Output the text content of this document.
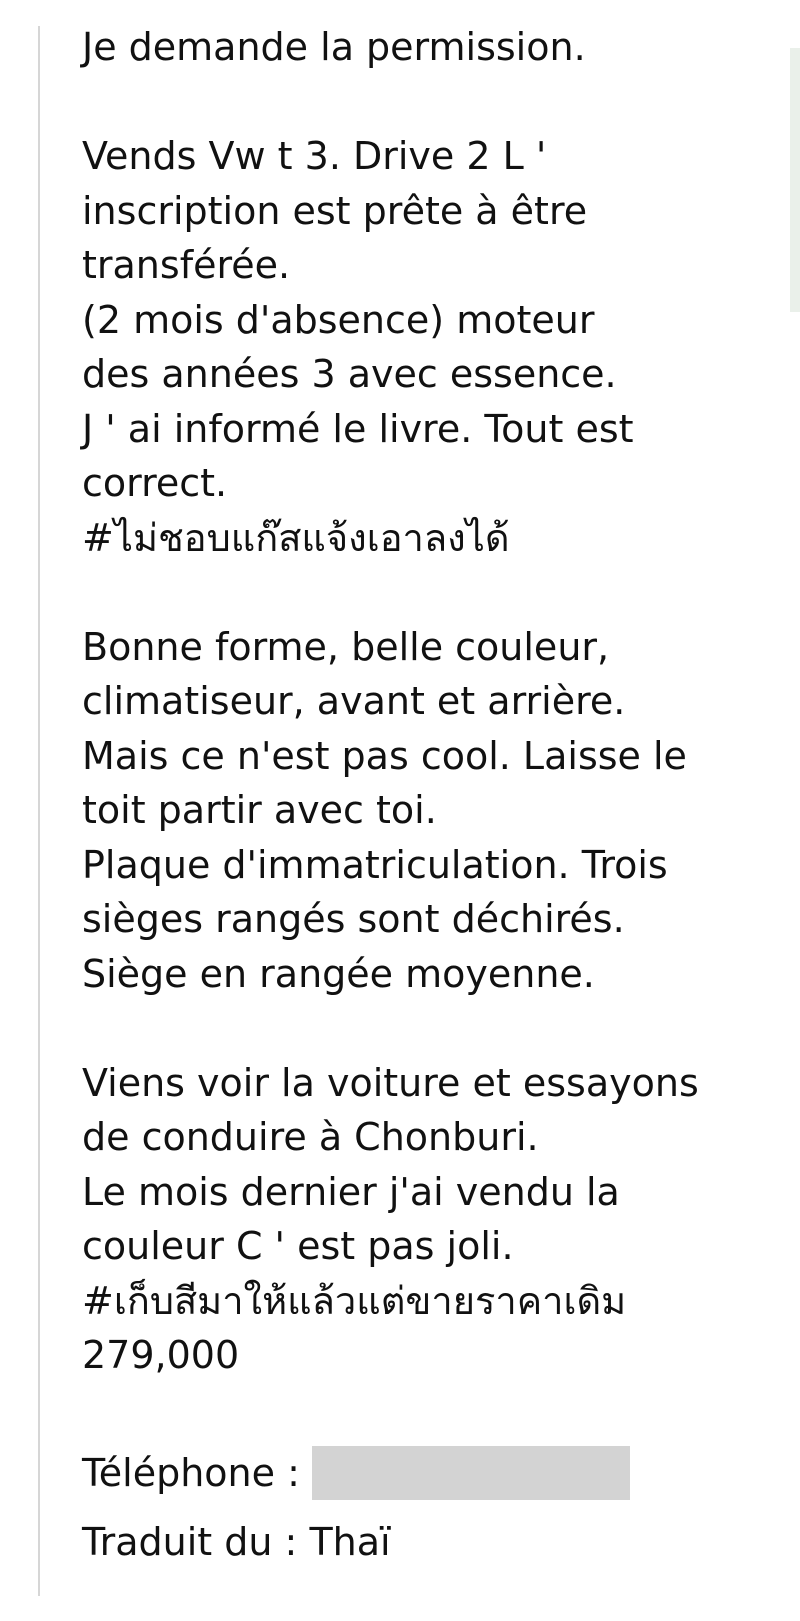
Je demande la permission.
Vends Vw t 3. Drive 2 L '
inscription est prête à être
transférée.
(2 mois d'absence) moteur
des années 3 avec essence.
J ' ai informé le livre. Tout est
correct.
#ไม่ชอบแก๊สแจ้งเอาลงได้
Bonne forme, belle couleur,
climatiseur, avant et arrière.
Mais ce n'est pas cool. Laisse le
toit partir avec toi.
Plaque d'immatriculation. Trois
sièges rangés sont déchirés.
Siège en rangée moyenne.
Viens voir la voiture et essayons
de conduire à Chonburi.
Le mois dernier j'ai vendu la
couleur C ' est pas joli.
#เก็บสีมาให้แล้วแต่ขายราคาเดิม
279,000
Téléphone :
Traduit du : Thaï
